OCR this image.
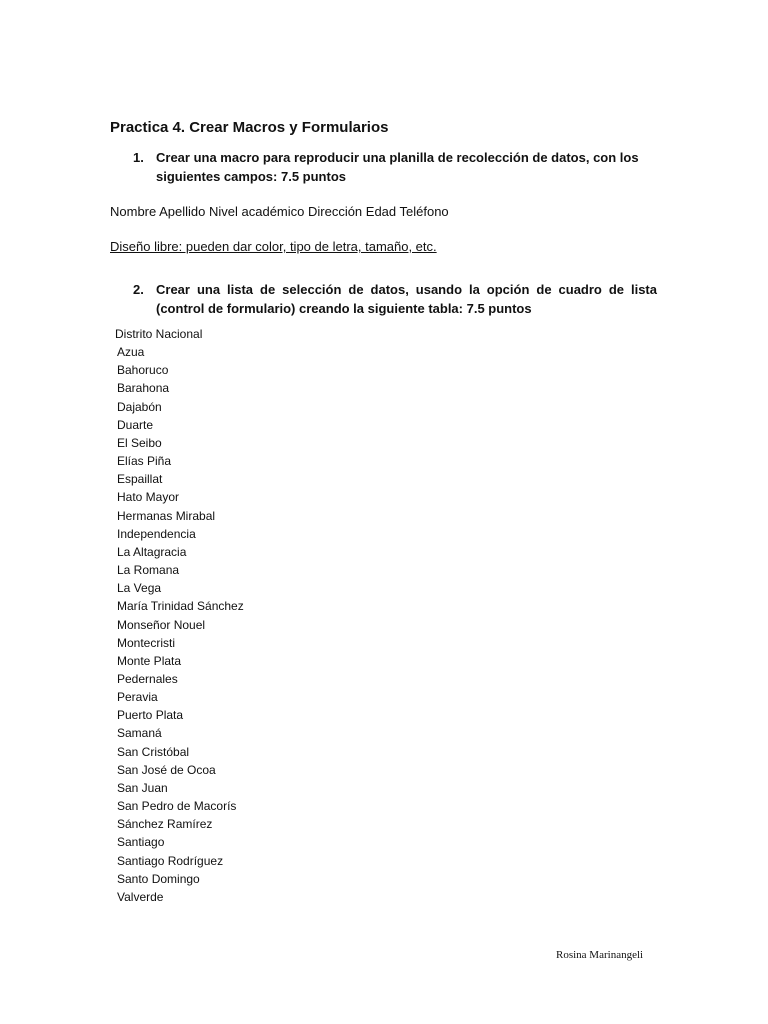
Practica 4. Crear Macros y Formularios
1. Crear una macro para reproducir una planilla de recolección de datos, con los siguientes campos: 7.5 puntos

Nombre Apellido Nivel académico Dirección Edad Teléfono

Diseño libre: pueden dar color, tipo de letra, tamaño, etc.

2. Crear una lista de selección de datos, usando la opción de cuadro de lista (control de formulario) creando la siguiente tabla: 7.5 puntos
Distrito Nacional
Azua
Bahoruco
Barahona
Dajabón
Duarte
El Seibo
Elías Piña
Espaillat
Hato Mayor
Hermanas Mirabal
Independencia
La Altagracia
La Romana
La Vega
María Trinidad Sánchez
Monseñor Nouel
Montecristi
Monte Plata
Pedernales
Peravia
Puerto Plata
Samaná
San Cristóbal
San José de Ocoa
San Juan
San Pedro de Macorís
Sánchez Ramírez
Santiago
Santiago Rodríguez
Santo Domingo
Valverde
Rosina Marinangeli
